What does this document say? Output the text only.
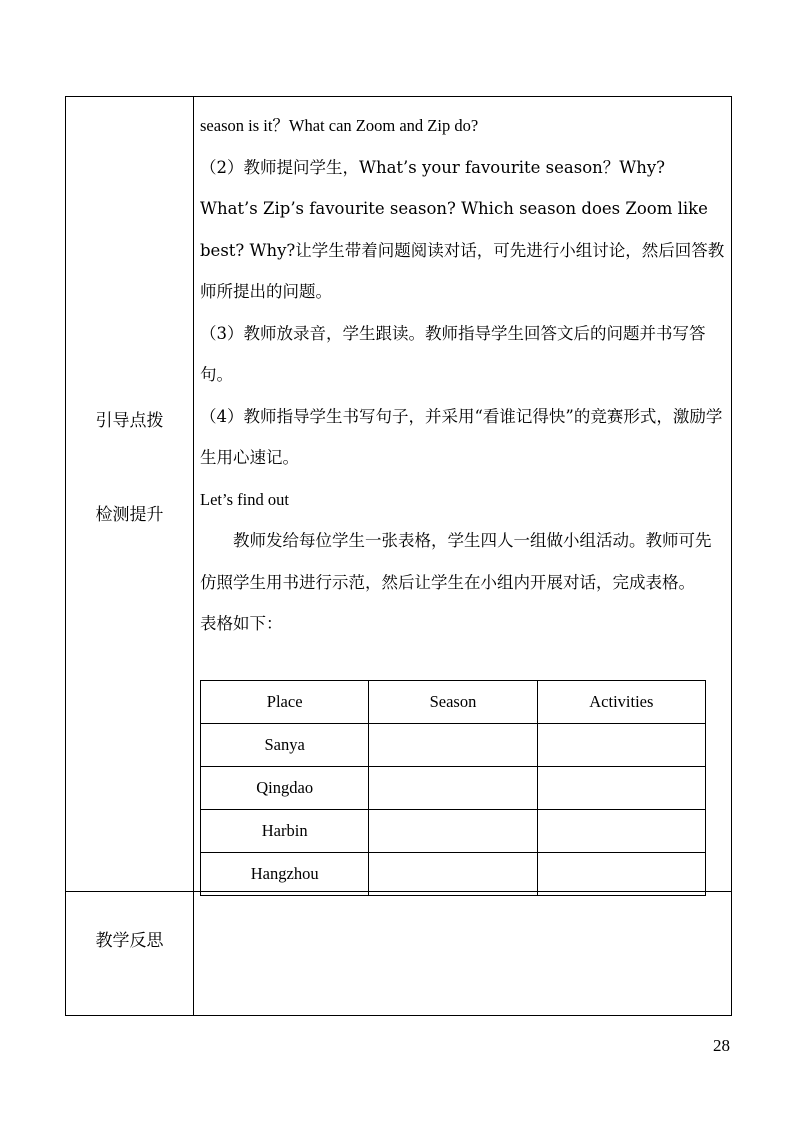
引导点拨
检测提升
教学反思

season is it？What can Zoom and Zip do?

（2）教师提问学生，What’s your favourite season？Why? What’s Zip’s favourite season? Which season does Zoom like best? Why?让学生带着问题阅读对话，可先进行小组讨论，然后回答教师所提出的问题。

（3）教师放录音，学生跟读。教师指导学生回答文后的问题并书写答句。

（4）教师指导学生书写句子，并采用“看谁记得快”的竞赛形式，激励学生用心速记。

Let’s find out

教师发给每位学生一张表格，学生四人一组做小组活动。教师可先仿照学生用书进行示范，然后让学生在小组内开展对话，完成表格。

表格如下：

Place	Season	Activities
Sanya		
Qingdao		
Harbin		
Hangzhou		
28
